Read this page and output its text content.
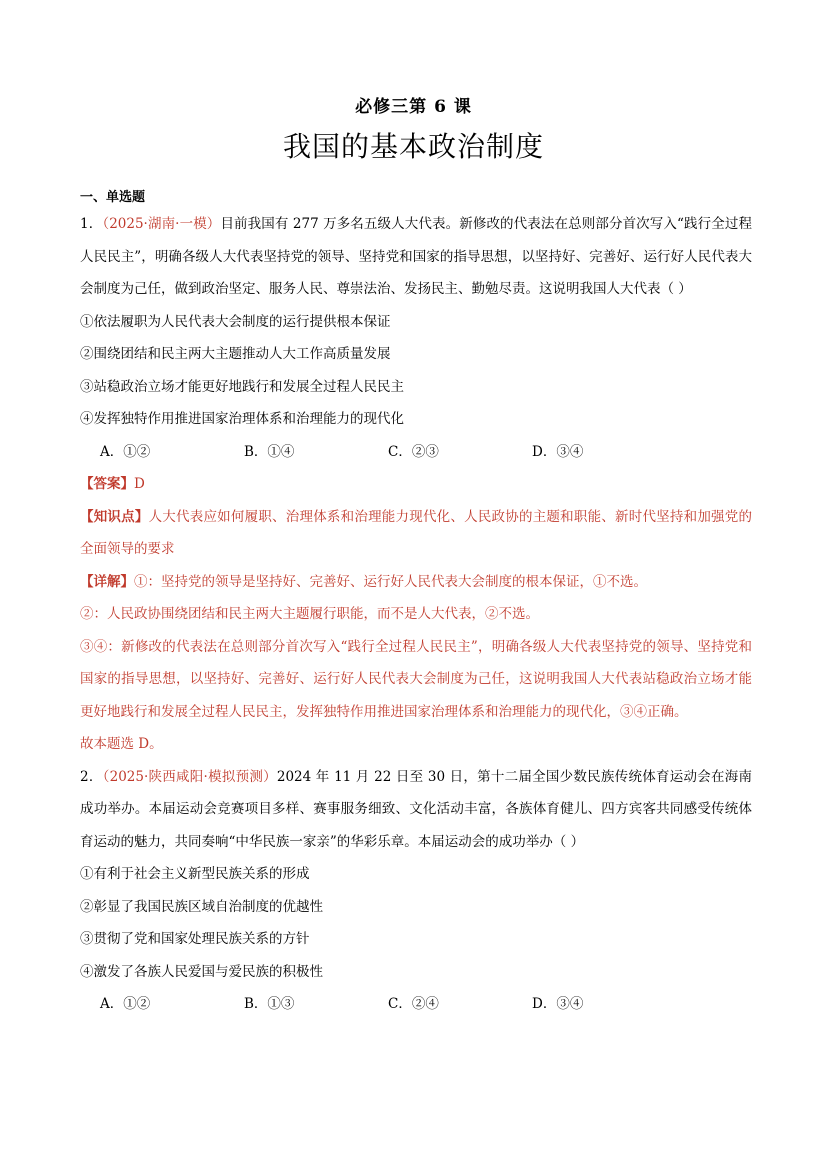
必修三第 6 课
我国的基本政治制度
一、单选题
1．（2025·湖南·一模）目前我国有 277 万多名五级人大代表。新修改的代表法在总则部分首次写入“践行全过程人民民主”，明确各级人大代表坚持党的领导、坚持党和国家的指导思想，以坚持好、完善好、运行好人民代表大会制度为己任，做到政治坚定、服务人民、尊崇法治、发扬民主、勤勉尽责。这说明我国人大代表（ ）
①依法履职为人民代表大会制度的运行提供根本保证
②围绕团结和民主两大主题推动人大工作高质量发展
③站稳政治立场才能更好地践行和发展全过程人民民主
④发挥独特作用推进国家治理体系和治理能力的现代化
A．①②	B．①④	C．②③	D．③④
【答案】D
【知识点】人大代表应如何履职、治理体系和治理能力现代化、人民政协的主题和职能、新时代坚持和加强党的全面领导的要求
【详解】①：坚持党的领导是坚持好、完善好、运行好人民代表大会制度的根本保证，①不选。
②：人民政协围绕团结和民主两大主题履行职能，而不是人大代表，②不选。
③④：新修改的代表法在总则部分首次写入“践行全过程人民民主”，明确各级人大代表坚持党的领导、坚持党和国家的指导思想，以坚持好、完善好、运行好人民代表大会制度为己任，这说明我国人大代表站稳政治立场才能更好地践行和发展全过程人民民主，发挥独特作用推进国家治理体系和治理能力的现代化，③④正确。
故本题选 D。
2．（2025·陕西咸阳·模拟预测）2024 年 11 月 22 日至 30 日，第十二届全国少数民族传统体育运动会在海南成功举办。本届运动会竞赛项目多样、赛事服务细致、文化活动丰富，各族体育健儿、四方宾客共同感受传统体育运动的魅力，共同奏响“中华民族一家亲”的华彩乐章。本届运动会的成功举办（ ）
①有利于社会主义新型民族关系的形成
②彰显了我国民族区域自治制度的优越性
③贯彻了党和国家处理民族关系的方针
④激发了各族人民爱国与爱民族的积极性
A．①②	B．①③	C．②④	D．③④
